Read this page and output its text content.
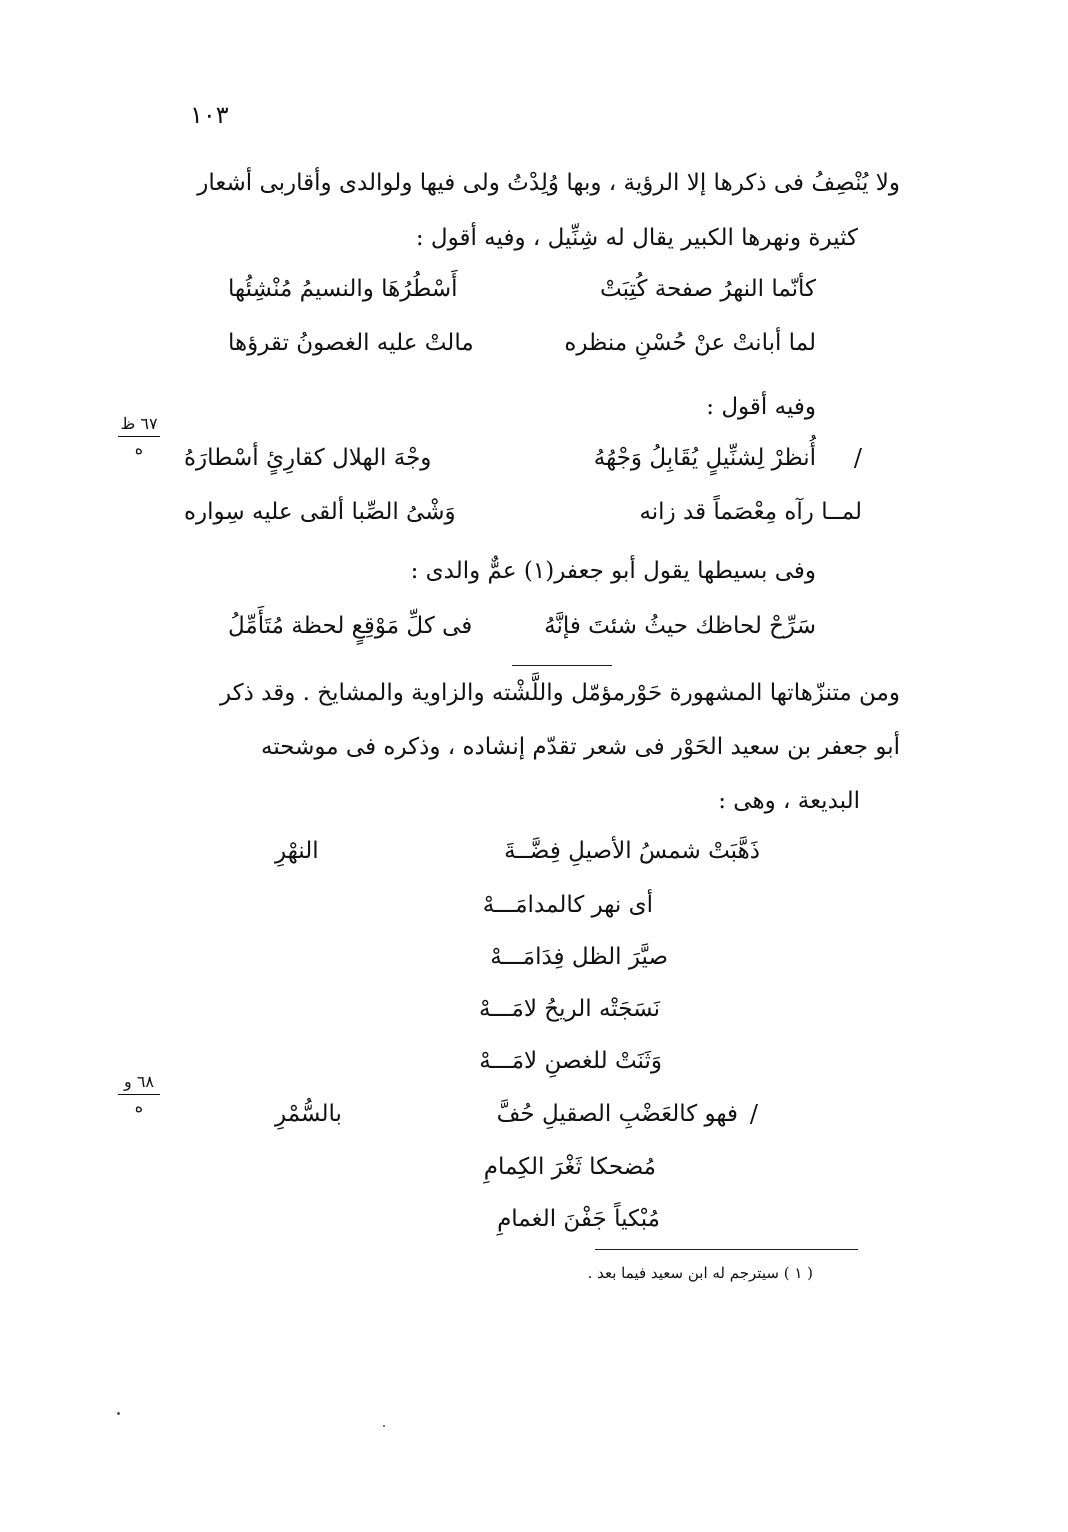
١٠٣
ولا يُنْصِفُ فى ذكرها إلا الرؤية ، وبها وُلِدْتُ ولى فيها ولوالدى وأقاربى أشعار
كثيرة ونهرها الكبير يقال له شِنِّيل ، وفيه أقول :
كأنّما النهرُ صفحة كُتِبَتْ
أَسْطُرُهَا والنسيمُ مُنْشِئُها
لما أبانتْ عنْ حُسْنِ منظره
مالتْ عليه الغصونُ تقرؤها
وفيه أقول :
٦٧ ظ
ه	/
أُنظرْ لِشنِّيلٍ يُقَابِلُ وَجْهُهُ
وجْهَ الهلال كقارِئٍ أسْطارَهُ
لمــا رآه مِعْصَماً قد زانه
وَشْىُ الصِّبا ألقى عليه سِواره
وفى بسيطها يقول أبو جعفر(١) عمٌّ والدى :
سَرِّحْ لحاظك حيثُ شئتَ فإنَّهُ
فى كلِّ مَوْقِعٍ لحظة مُتَأَمِّلُ
ومن متنزّهاتها المشهورة حَوْرمؤمّل واللَّشْته والزاوية والمشايخ . وقد ذكر
أبو جعفر بن سعيد الحَوْر فى شعر تقدّم إنشاده ، وذكره فى موشحته
البديعة ، وهى :
ذَهَّبَتْ شمسُ الأصيلِ فِضَّــةَ
النهْرِ
أى نهر كالمدامَـــهْ
صيَّرَ الظل فِدَامَـــهْ
نَسَجَتْه الريحُ لامَـــهْ
وَثَنَتْ للغصنِ لامَـــهْ
٦٨ و
ه	/
فهو كالعَضْبِ الصقيلِ حُفَّ
بالسُّمْرِ
مُضحكا ثَغْرَ الكِمامِ
مُبْكياً جَفْنَ الغمامِ
( ١ ) سيترجم له ابن سعيد فيما بعد .
